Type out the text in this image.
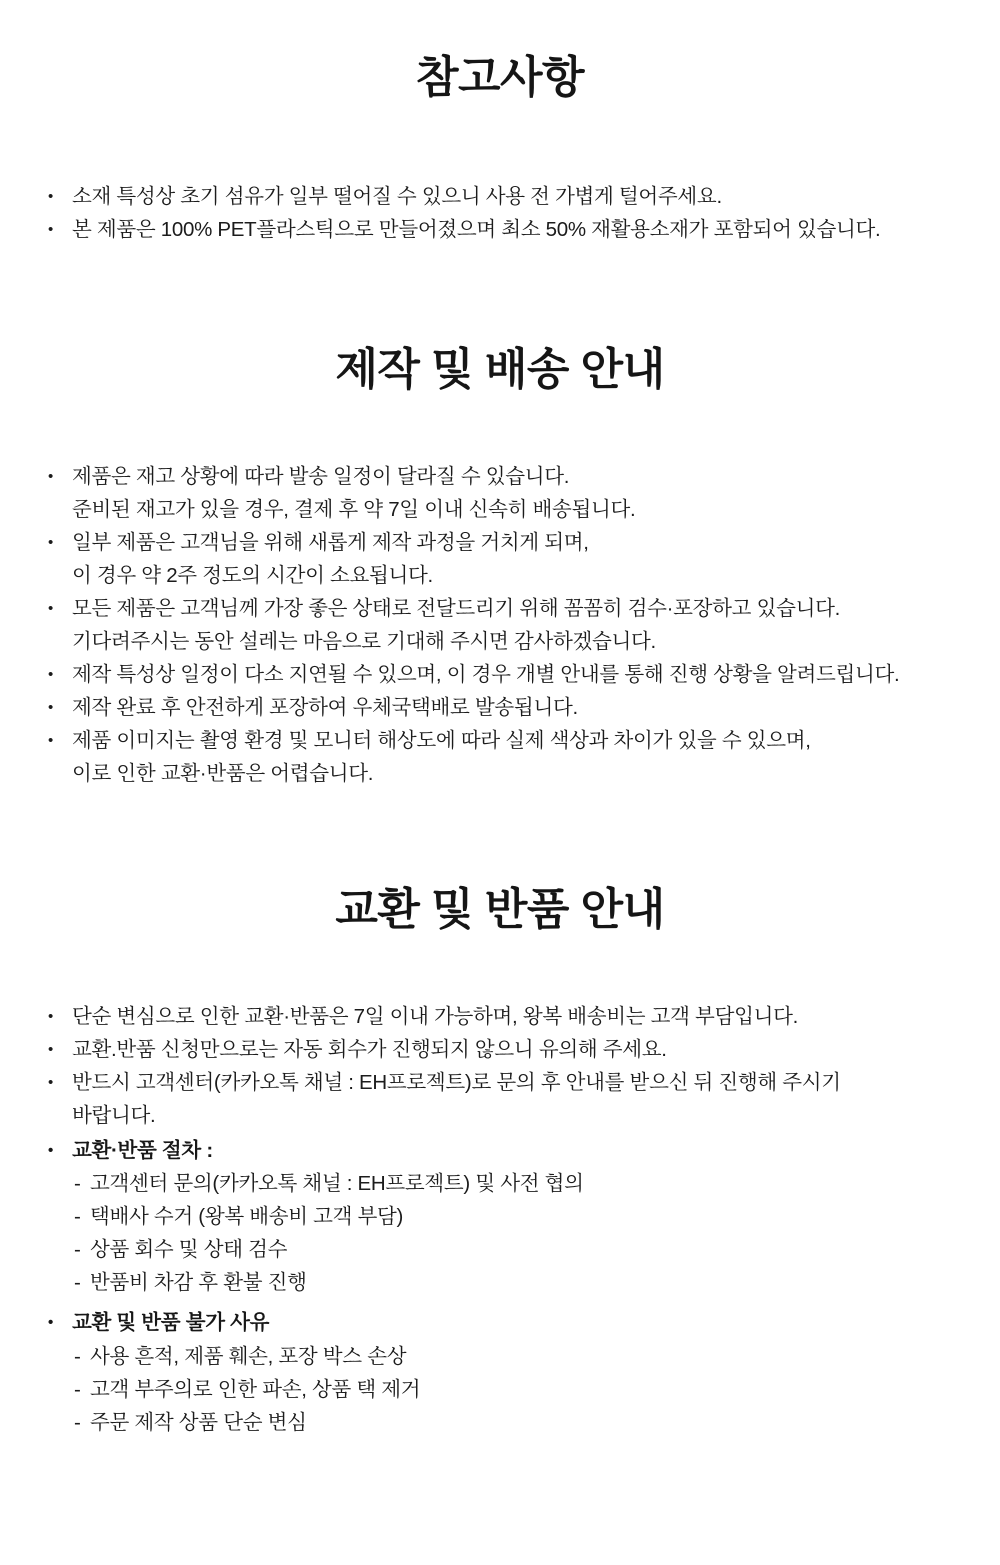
참고사항
• 소재 특성상 초기 섬유가 일부 떨어질 수 있으니 사용 전 가볍게 털어주세요.
• 본 제품은 100% PET플라스틱으로 만들어졌으며 최소 50% 재활용소재가 포함되어 있습니다.
제작 및 배송 안내
• 제품은 재고 상황에 따라 발송 일정이 달라질 수 있습니다.
준비된 재고가 있을 경우, 결제 후 약 7일 이내 신속히 배송됩니다.
• 일부 제품은 고객님을 위해 새롭게 제작 과정을 거치게 되며,
이 경우 약 2주 정도의 시간이 소요됩니다.
• 모든 제품은 고객님께 가장 좋은 상태로 전달드리기 위해 꼼꼼히 검수·포장하고 있습니다.
기다려주시는 동안 설레는 마음으로 기대해 주시면 감사하겠습니다.
• 제작 특성상 일정이 다소 지연될 수 있으며, 이 경우 개별 안내를 통해 진행 상황을 알려드립니다.
• 제작 완료 후 안전하게 포장하여 우체국택배로 발송됩니다.
• 제품 이미지는 촬영 환경 및 모니터 해상도에 따라 실제 색상과 차이가 있을 수 있으며,
이로 인한 교환·반품은 어렵습니다.
교환 및 반품 안내
• 단순 변심으로 인한 교환·반품은 7일 이내 가능하며, 왕복 배송비는 고객 부담입니다.
• 교환.반품 신청만으로는 자동 회수가 진행되지 않으니 유의해 주세요.
• 반드시 고객센터(카카오톡 채널 : EH프로젝트)로 문의 후 안내를 받으신 뒤 진행해 주시기
바랍니다.
• 교환·반품 절차 :
- 고객센터 문의(카카오톡 채널 : EH프로젝트) 및 사전 협의
- 택배사 수거 (왕복 배송비 고객 부담)
- 상품 회수 및 상태 검수
- 반품비 차감 후 환불 진행
• 교환 및 반품 불가 사유
- 사용 흔적, 제품 훼손, 포장 박스 손상
- 고객 부주의로 인한 파손, 상품 택 제거
- 주문 제작 상품 단순 변심
